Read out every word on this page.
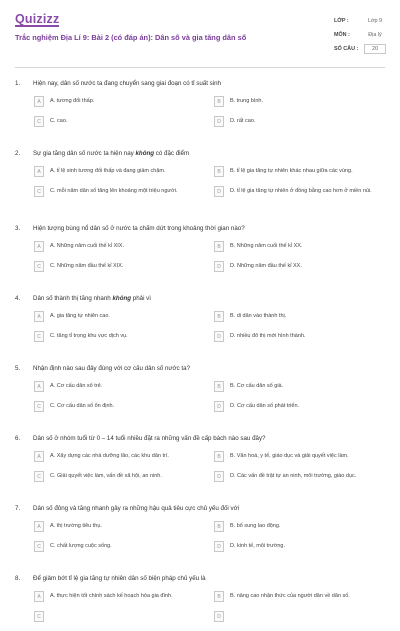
Quizizz
Trắc nghiệm Địa Lí 9: Bài 2 (có đáp án): Dân số và gia tăng dân số
LỚP :	Lớp 9
MÔN :	Địa lý
SỐ CÂU :	20
1.	Hiện nay, dân số nước ta đang chuyển sang giai đoạn có tỉ suất sinh
A	A. tương đối thấp.	B	B. trung bình.
C	C. cao.	D	D. rất cao.
2.	Sự gia tăng dân số nước ta hiện nay không có đặc điểm
A	A. tỉ lệ sinh tương đối thấp và đang giảm chậm.	B	B. tỉ lệ gia tăng tự nhiên khác nhau giữa các vùng.
C	C. mỗi năm dân số tăng lên khoảng một triệu người.	D	D. tỉ lệ gia tăng tự nhiên ở đồng bằng cao hơn ở miền núi.
3.	Hiện tượng bùng nổ dân số ở nước ta chấm dứt trong khoảng thời gian nào?
A	A. Những năm cuối thế kỉ XIX.	B	B. Những năm cuối thế kỉ XX.
C	C. Những năm đầu thế kỉ XIX.	D	D. Những năm đầu thế kỉ XX.
4.	Dân số thành thị tăng nhanh không phải vì
A	A. gia tăng tự nhiên cao.	B	B. di dân vào thành thị.
C	C. tăng tỉ trọng khu vực dịch vụ.	D	D. nhiều đô thị mới hình thành.
5.	Nhận định nào sau đây đúng với cơ cấu dân số nước ta?
A	A. Cơ cấu dân số trẻ.	B	B. Cơ cấu dân số già.
C	C. Cơ cấu dân số ổn định.	D	D. Cơ cấu dân số phát triển.
6.	Dân số ở nhóm tuổi từ 0 – 14 tuổi nhiều đặt ra những vấn đề cấp bách nào sau đây?
A	A. Xây dựng các nhà dưỡng lão, các khu dân trí.	B	B. Văn hoá, y tế, giáo dục và giải quyết việc làm.
C	C. Giải quyết việc làm, vấn đề xã hội, an ninh.	D	D. Các vấn đề trật tự an ninh, môi trường, giáo dục.
7.	Dân số đông và tăng nhanh gây ra những hậu quả tiêu cực chủ yếu đối với
A	A. thị trường tiêu thụ.	B	B. bổ sung lao động.
C	C. chất lượng cuộc sống.	D	D. kinh tế, môi trường.
8.	Để giảm bớt tỉ lệ gia tăng tự nhiên dân số biện pháp chủ yếu là
A	A. thực hiện tốt chính sách kế hoạch hóa gia đình.	B	B. nâng cao nhận thức của người dân về dân số.
C	D
